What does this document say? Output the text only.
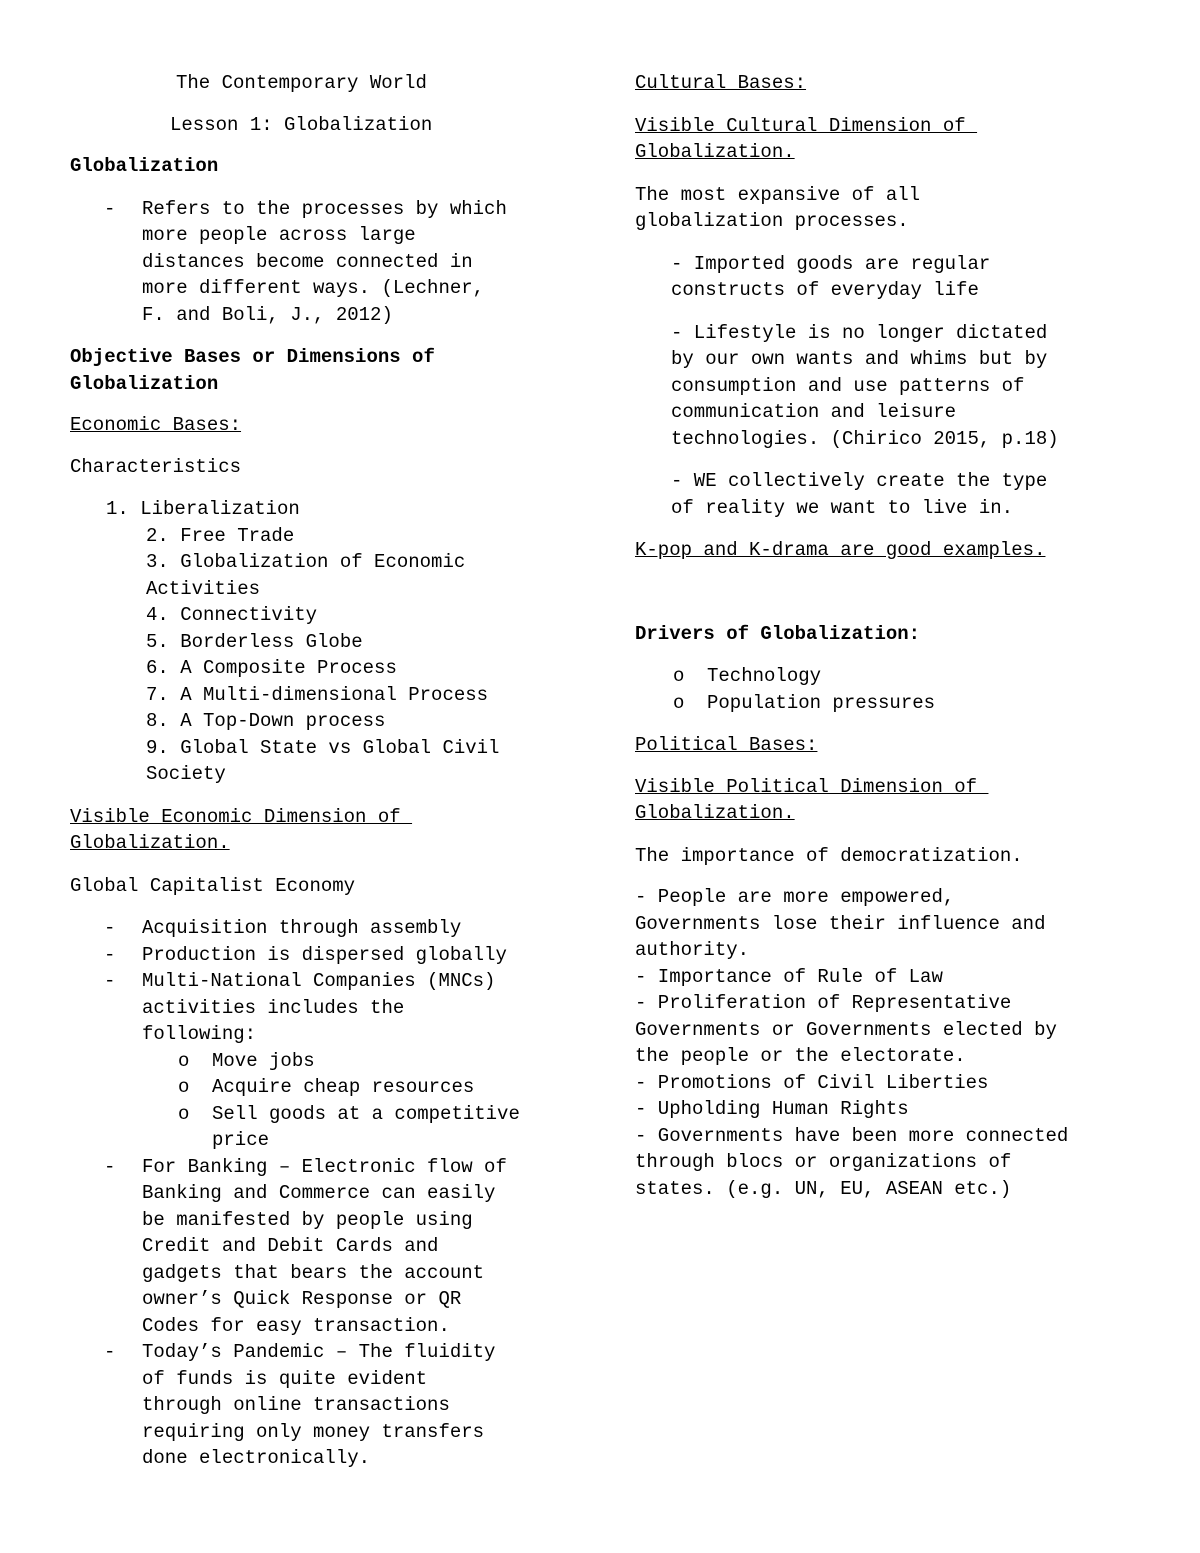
The Contemporary World
Lesson 1: Globalization
Globalization
- Refers to the processes by which
more people across large
distances become connected in
more different ways. (Lechner,
F. and Boli, J., 2012)
Objective Bases or Dimensions of
Globalization
Economic Bases:
Characteristics
1. Liberalization
2. Free Trade
3. Globalization of Economic
Activities
4. Connectivity
5. Borderless Globe
6. A Composite Process
7. A Multi-dimensional Process
8. A Top-Down process
9. Global State vs Global Civil
Society
Visible Economic Dimension of
Globalization.
Global Capitalist Economy
- Acquisition through assembly
- Production is dispersed globally
- Multi-National Companies (MNCs)
activities includes the
following:
o Move jobs
o Acquire cheap resources
o Sell goods at a competitive
price
- For Banking – Electronic flow of
Banking and Commerce can easily
be manifested by people using
Credit and Debit Cards and
gadgets that bears the account
owner’s Quick Response or QR
Codes for easy transaction.
- Today’s Pandemic – The fluidity
of funds is quite evident
through online transactions
requiring only money transfers
done electronically.
Cultural Bases:
Visible Cultural Dimension of
Globalization.
The most expansive of all
globalization processes.
- Imported goods are regular
constructs of everyday life
- Lifestyle is no longer dictated
by our own wants and whims but by
consumption and use patterns of
communication and leisure
technologies. (Chirico 2015, p.18)
- WE collectively create the type
of reality we want to live in.
K-pop and K-drama are good examples.
Drivers of Globalization:
o Technology
o Population pressures
Political Bases:
Visible Political Dimension of
Globalization.
The importance of democratization.
- People are more empowered,
Governments lose their influence and
authority.
- Importance of Rule of Law
- Proliferation of Representative
Governments or Governments elected by
the people or the electorate.
- Promotions of Civil Liberties
- Upholding Human Rights
- Governments have been more connected
through blocs or organizations of
states. (e.g. UN, EU, ASEAN etc.)
